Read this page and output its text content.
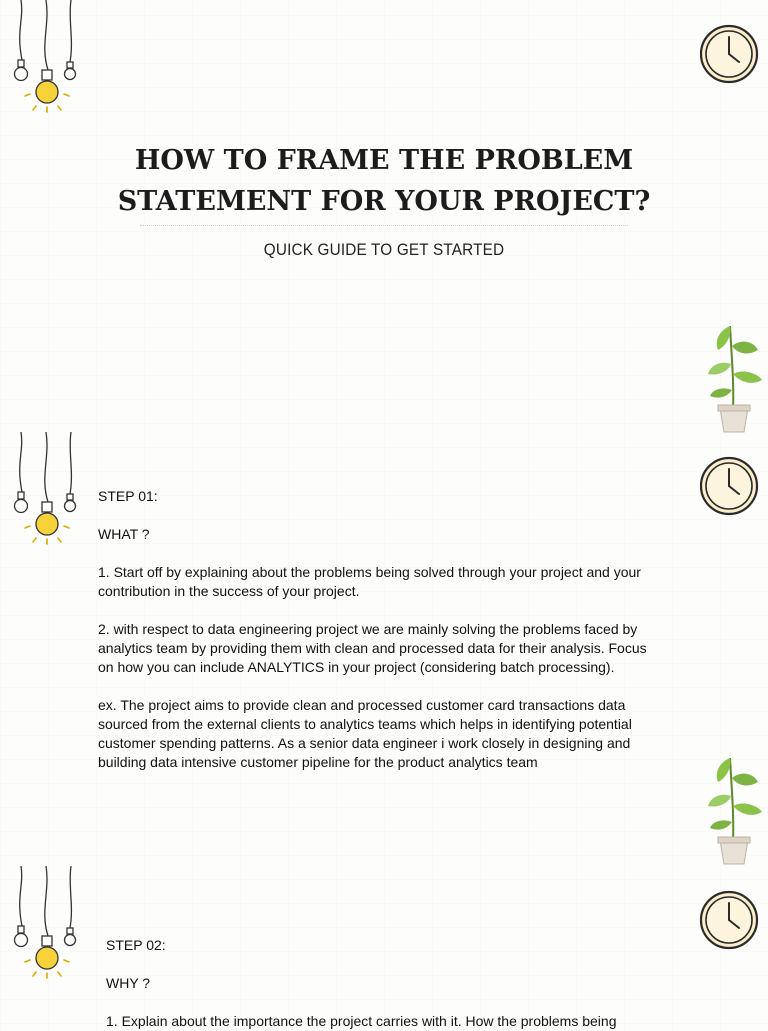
HOW TO FRAME THE PROBLEM
STATEMENT FOR YOUR PROJECT?
QUICK GUIDE TO GET STARTED

STEP 01:

WHAT ?

1. Start off by explaining about the problems being solved through your project and your contribution in the success of your project.

2. with respect to data engineering project we are mainly solving the problems faced by analytics team by providing them with clean and processed data for their analysis. Focus on how you can include ANALYTICS in your project (considering batch processing).

ex. The project aims to provide clean and processed customer card transactions data sourced from the external clients to analytics teams which helps in identifying potential customer spending patterns. As a senior data engineer i work closely in designing and building data intensive customer pipeline for the product analytics team

STEP 02:

WHY ?

1. Explain about the importance the project carries with it. How the problems being
